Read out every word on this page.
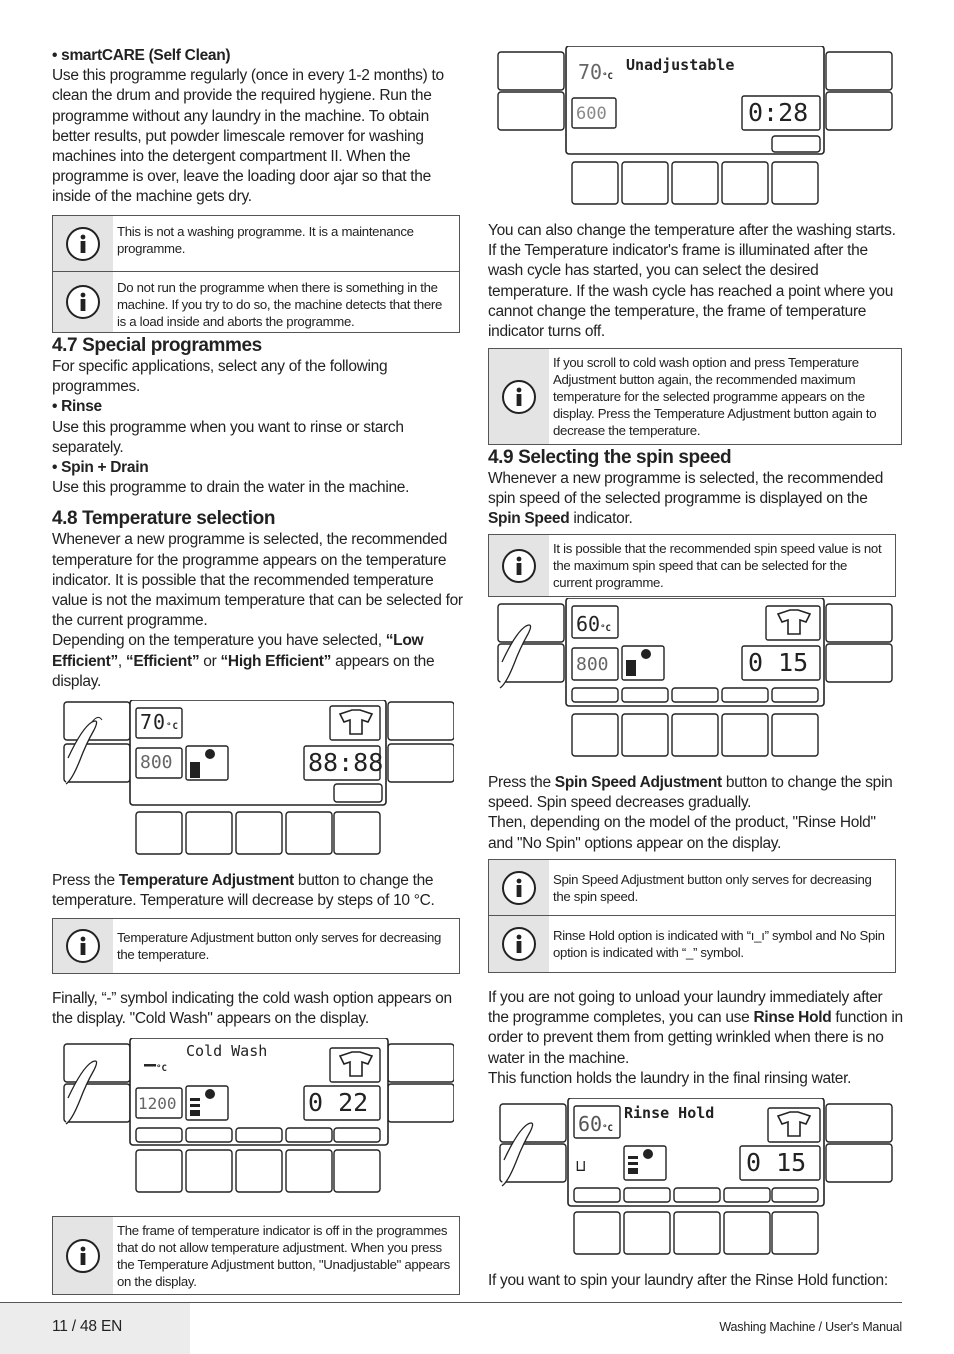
• smartCARE (Self Clean)

Use this programme regularly (once in every 1-2 months) to clean the drum and provide the required hygiene. Run the programme without any laundry in the machine. To obtain better results, put powder limescale remover for washing machines into the detergent compartment II. When the programme is over, leave the loading door ajar so that the inside of the machine gets dry.

This is not a washing programme. It is a maintenance programme.
Do not run the programme when there is something in the machine. If you try to do so, the machine detects that there is a load inside and aborts the programme.
4.7 Special programmes

For specific applications, select any of the following programmes.

• Rinse

Use this programme when you want to rinse or starch separately.

• Spin + Drain

Use this programme to drain the water in the machine.

4.8 Temperature selection

Whenever a new programme is selected, the recommended temperature for the programme appears on the temperature indicator. It is possible that the recommended temperature value is not the maximum temperature that can be selected for the current programme.

Depending on the temperature you have selected, “Low Efficient”, “Efficient” or “High Efficient” appears on the display.

70°C
800	88:88

Press the Temperature Adjustment button to change the temperature. Temperature will decrease by steps of 10 °C.

Temperature Adjustment button only serves for decreasing the temperature.

Finally, “-” symbol indicating the cold wash option appears on the display. "Cold Wash" appears on the display.

—°C
Cold Wash
1200	0 22
The frame of temperature indicator is off in the programmes that do not allow temperature adjustment. When you press the Temperature Adjustment button, "Unadjustable" appears on the display.
70°C
Unadjustable
600	0:28

You can also change the temperature after the washing starts. If the Temperature indicator's frame is illuminated after the wash cycle has started, you can select the desired temperature. If the wash cycle has reached a point where you cannot change the temperature, the frame of temperature indicator turns off.

If you scroll to cold wash option and press Temperature Adjustment button again, the recommended maximum temperature for the selected programme appears on the display. Press the Temperature Adjustment button again to decrease the temperature.
4.9 Selecting the spin speed

Whenever a new programme is selected, the recommended spin speed of the selected programme is displayed on the Spin Speed indicator.

It is possible that the recommended spin speed value is not the maximum spin speed that can be selected for the current programme.
60°C
800	0 15

Press the Spin Speed Adjustment button to change the spin speed. Spin speed decreases gradually.

Then, depending on the model of the product, "Rinse Hold" and "No Spin" options appear on the display.

Spin Speed Adjustment button only serves for decreasing the spin speed.
Rinse Hold option is indicated with “ı_ı” symbol and No Spin option is indicated with “_” symbol.

If you are not going to unload your laundry immediately after the programme completes, you can use Rinse Hold function in order to prevent them from getting wrinkled when there is no water in the machine.

This function holds the laundry in the final rinsing water.

60°C
Rinse Hold
⊔	0 15

If you want to spin your laundry after the Rinse Hold function:

11 / 48 EN	Washing Machine / User's Manual
